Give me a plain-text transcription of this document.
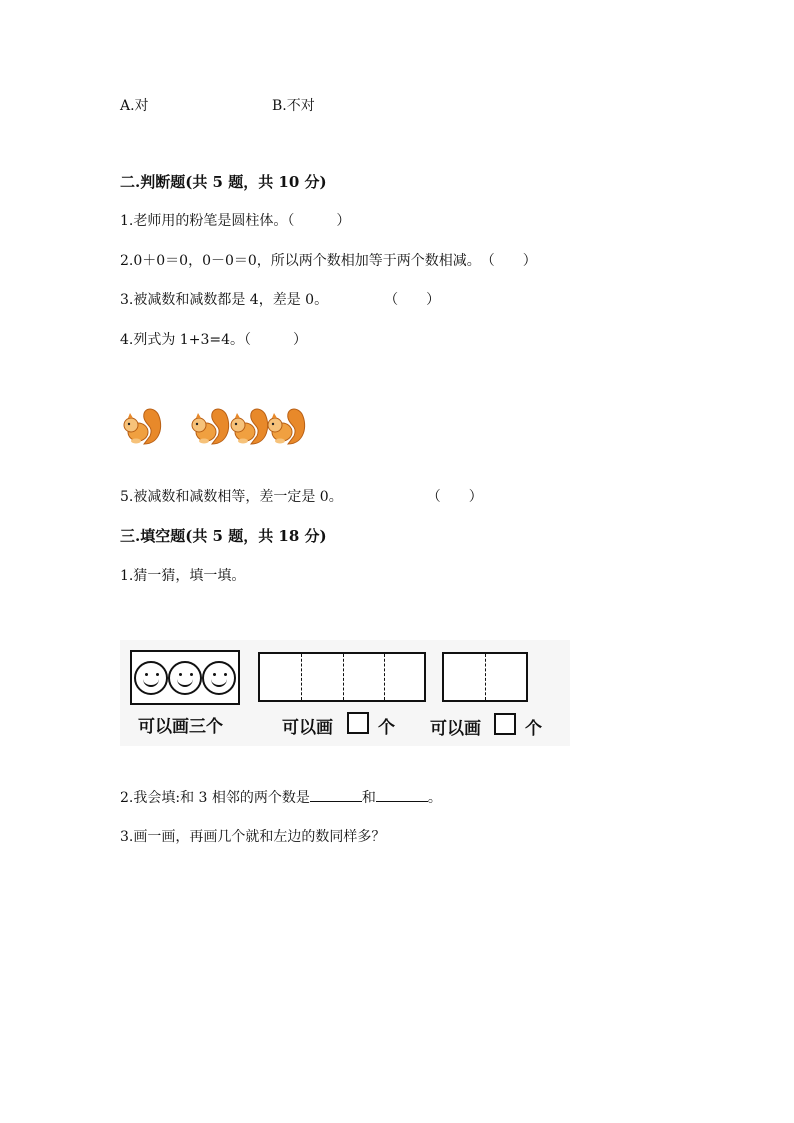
A.对	B.不对
二.判断题(共 5 题，共 10 分)
1.老师用的粉笔是圆柱体。（　　　）
2.0＋0＝0，0－0＝0，所以两个数相加等于两个数相减。　（　　）
3.被减数和减数都是 4，差是 0。　　　　　（　　）
4.列式为 1+3=4。（　　　）
5.被减数和减数相等，差一定是 0。　　　　　　　（　　）
三.填空题(共 5 题，共 18 分)
1.猜一猜，填一填。
可以画三个	可以画	个 可以画	个
2.我会填:和 3 相邻的两个数是	和	。
3.画一画，再画几个就和左边的数同样多？
